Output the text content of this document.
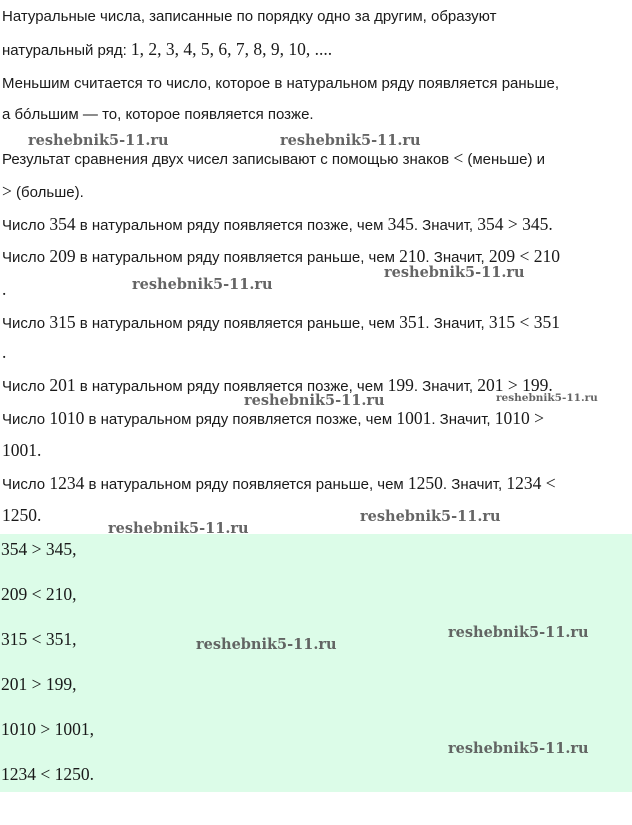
Натуральные числа, записанные по порядку одно за другим, образуют
натуральный ряд: 1, 2, 3, 4, 5, 6, 7, 8, 9, 10, ....
Меньшим считается то число, которое в натуральном ряду появляется раньше,
а бóльшим — то, которое появляется позже.
Результат сравнения двух чисел записывают с помощью знаков < (меньше) и
> (больше).
Число 354 в натуральном ряду появляется позже, чем 345. Значит, 354 > 345.
Число 209 в натуральном ряду появляется раньше, чем 210. Значит, 209 < 210
.
Число 315 в натуральном ряду появляется раньше, чем 351. Значит, 315 < 351
.
Число 201 в натуральном ряду появляется позже, чем 199. Значит, 201 > 199.
Число 1010 в натуральном ряду появляется позже, чем 1001. Значит, 1010 >
1001.
Число 1234 в натуральном ряду появляется раньше, чем 1250. Значит, 1234 <
1250.
354 > 345,
209 < 210,
315 < 351,
201 > 199,
1010 > 1001,
1234 < 1250.
reshebnik5-11.ru	reshebnik5-11.ru
reshebnik5-11.ru
reshebnik5-11.ru
reshebnik5-11.ru	reshebnik5-11.ru
reshebnik5-11.ru
reshebnik5-11.ru
reshebnik5-11.ru
reshebnik5-11.ru
reshebnik5-11.ru
